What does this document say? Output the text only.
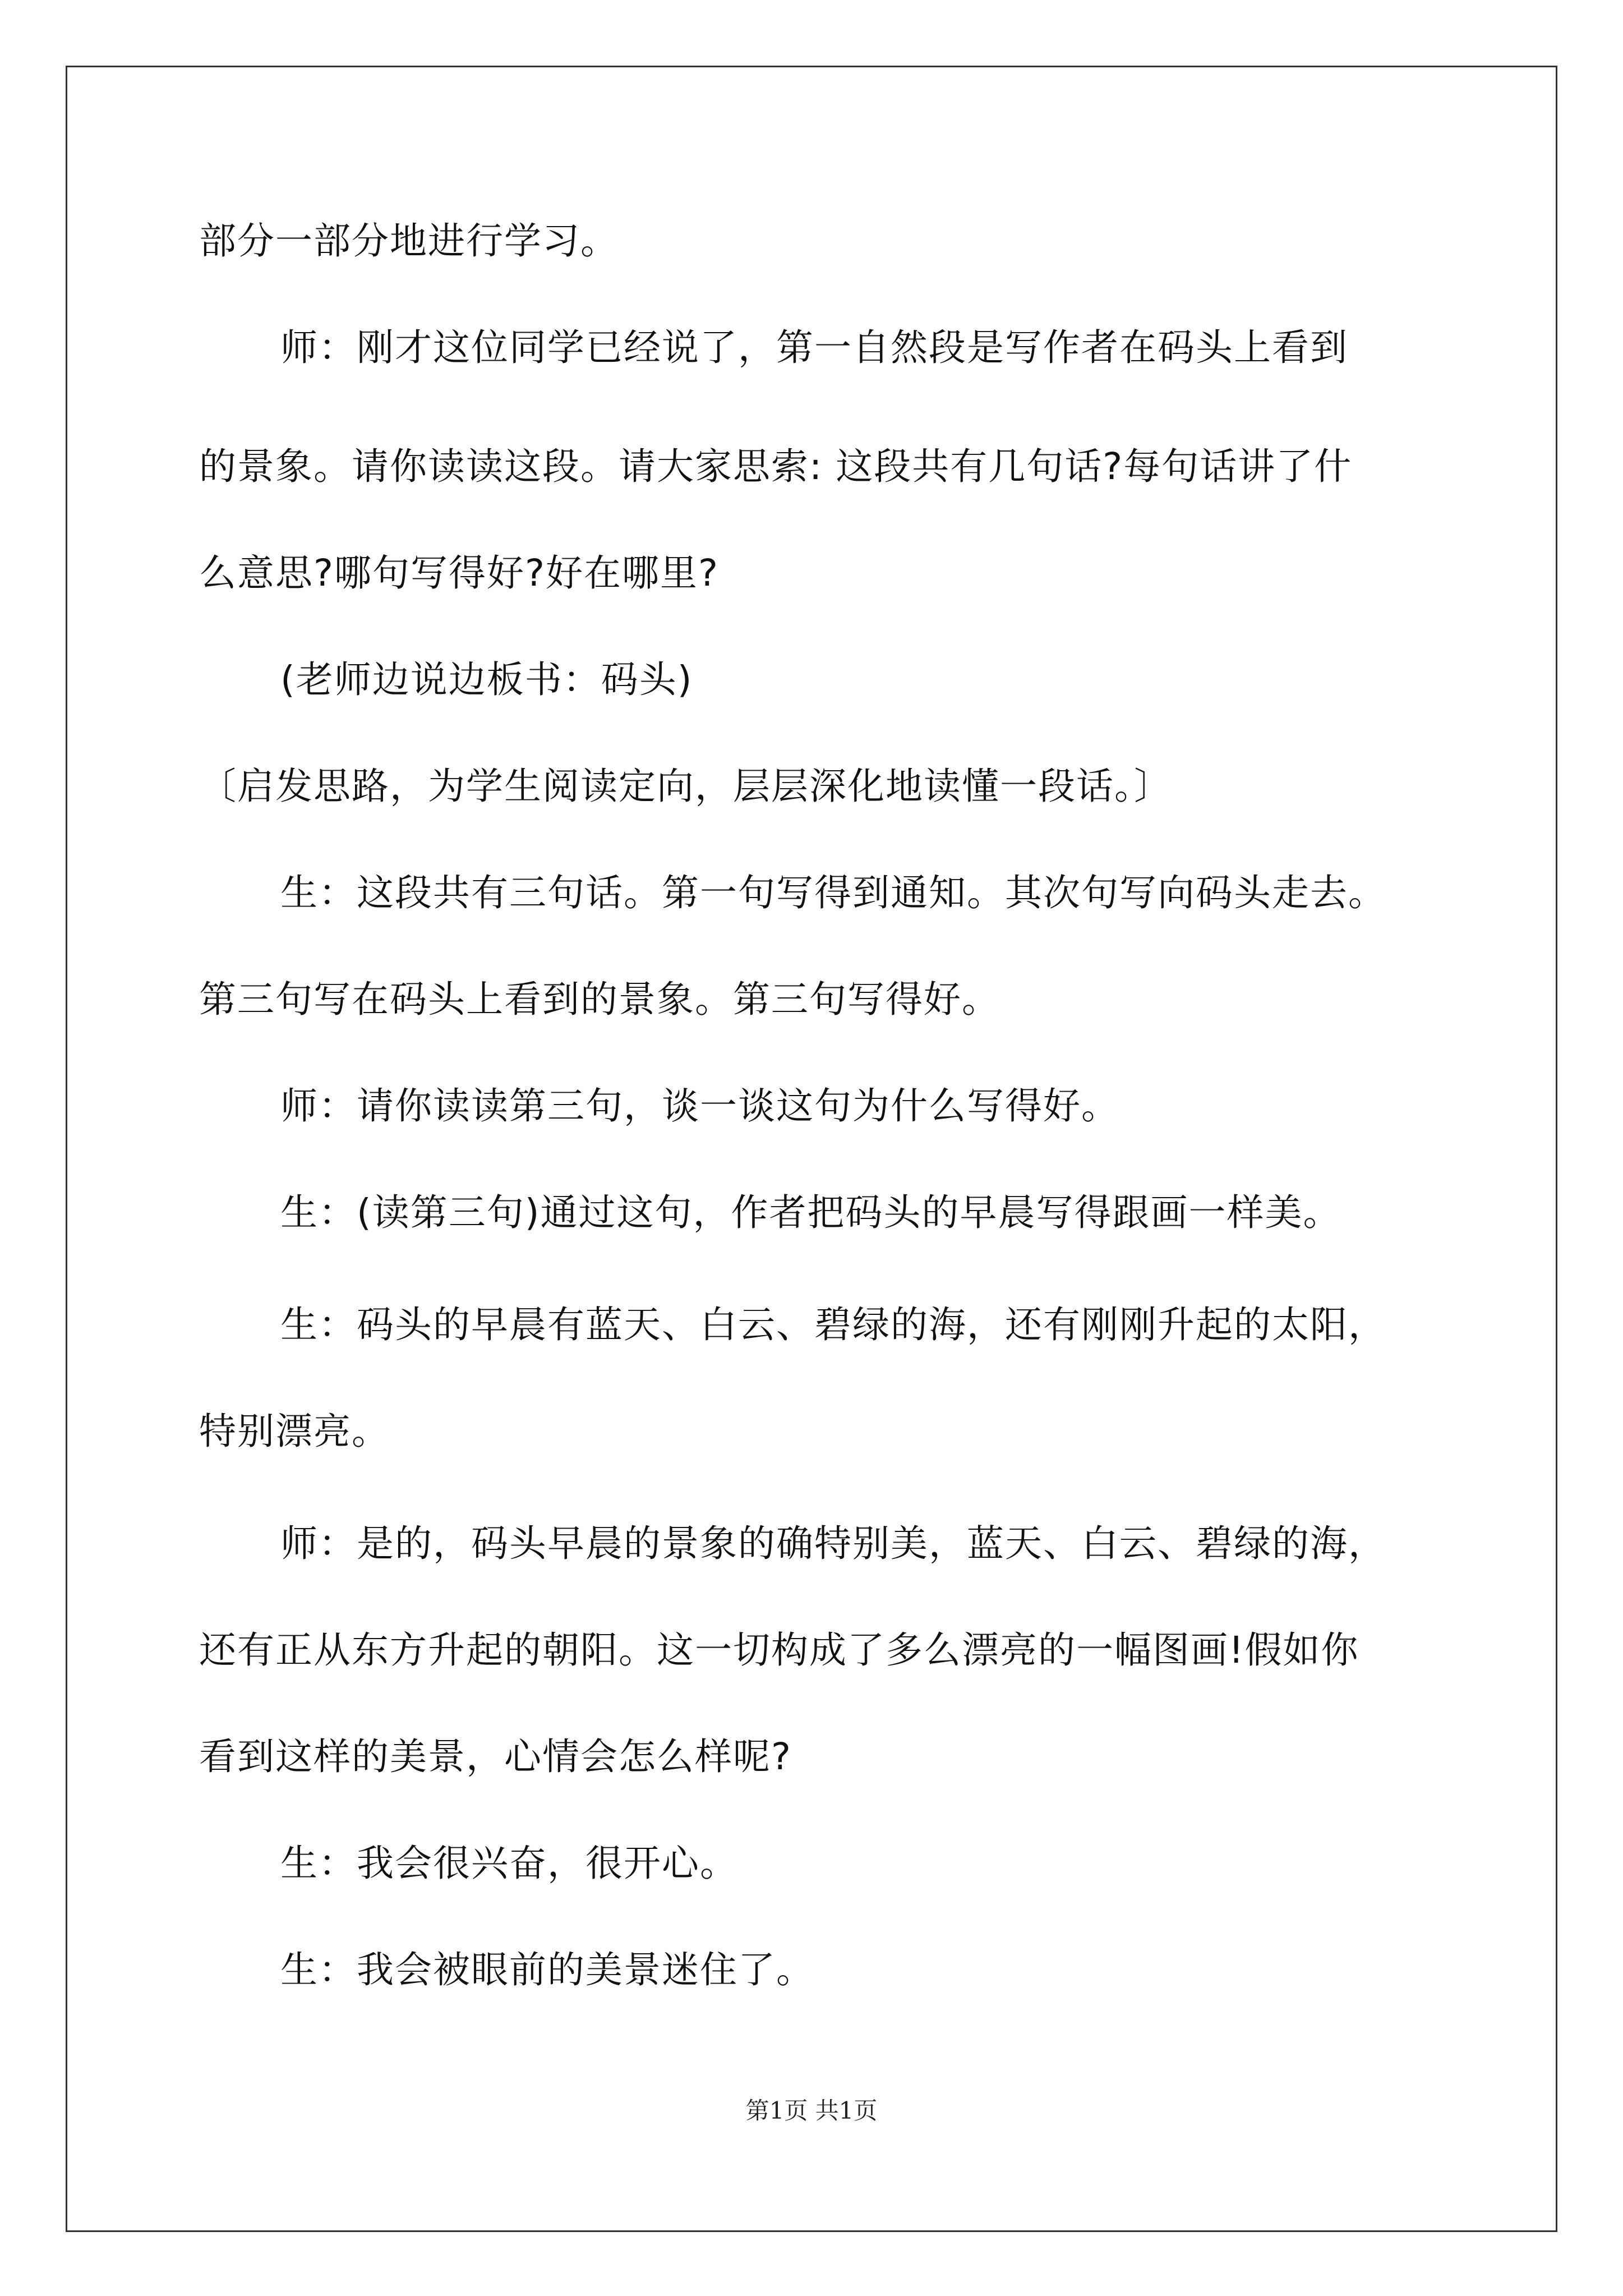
部分一部分地进行学习。
师：刚才这位同学已经说了，第一自然段是写作者在码头上看到
的景象。请你读读这段。请大家思索: 这段共有几句话?每句话讲了什
么意思?哪句写得好?好在哪里?
(老师边说边板书：码头)
〔启发思路，为学生阅读定向，层层深化地读懂一段话。〕
生：这段共有三句话。第一句写得到通知。其次句写向码头走去。
第三句写在码头上看到的景象。第三句写得好。
师：请你读读第三句，谈一谈这句为什么写得好。
生：(读第三句)通过这句，作者把码头的早晨写得跟画一样美。
生：码头的早晨有蓝天、白云、碧绿的海，还有刚刚升起的太阳，
特别漂亮。
师：是的，码头早晨的景象的确特别美，蓝天、白云、碧绿的海，
还有正从东方升起的朝阳。这一切构成了多么漂亮的一幅图画!假如你
看到这样的美景，心情会怎么样呢?
生：我会很兴奋，很开心。
生：我会被眼前的美景迷住了。
第1页 共1页
